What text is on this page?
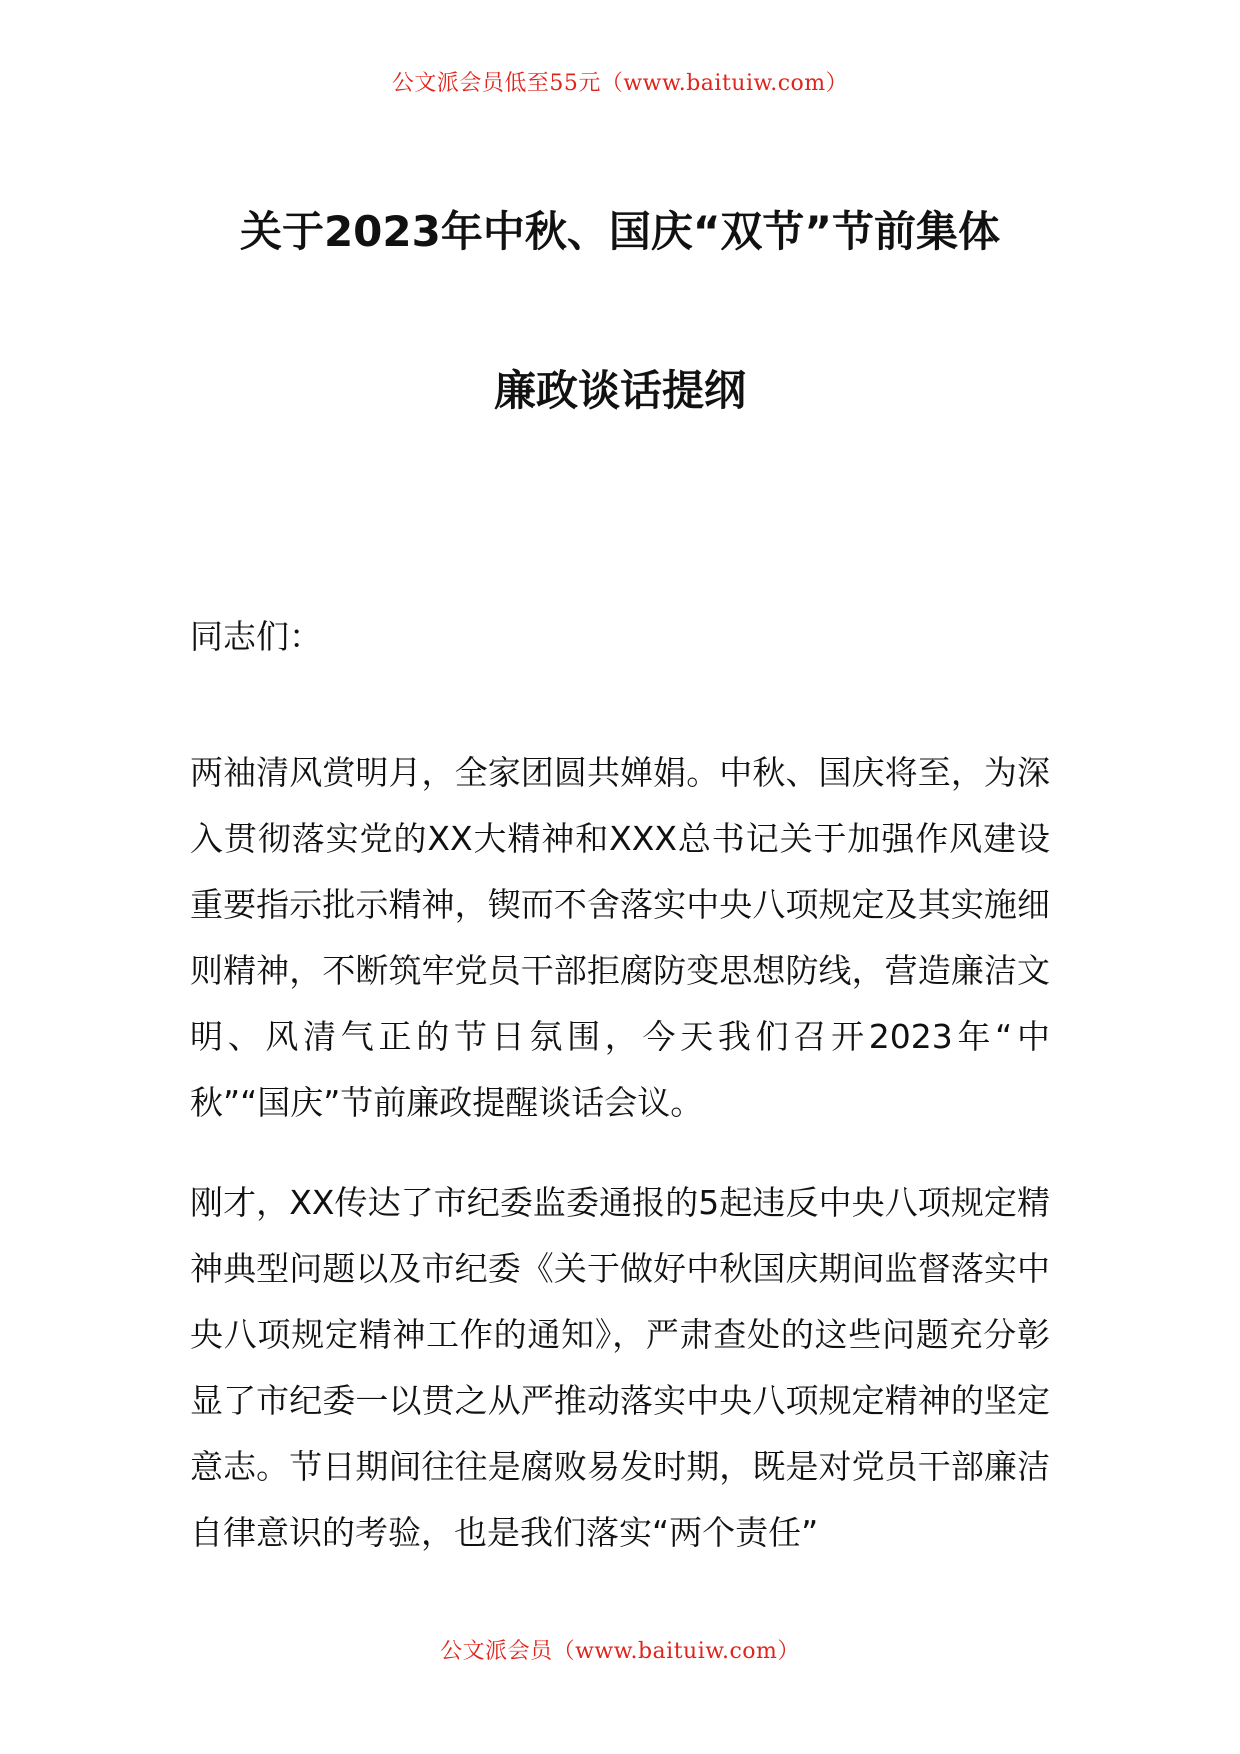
公文派会员低至55元（www.baituiw.com）
关于2023年中秋、国庆“双节”节前集体
廉政谈话提纲

同志们：

两袖清风赏明月，全家团圆共婵娟。中秋、国庆将至，为深入贯彻落实党的XX大精神和XXX总书记关于加强作风建设重要指示批示精神，锲而不舍落实中央八项规定及其实施细则精神，不断筑牢党员干部拒腐防变思想防线，营造廉洁文明、风清气正的节日氛围，今天我们召开2023年“中秋”“国庆”节前廉政提醒谈话会议。

刚才，XX传达了市纪委监委通报的5起违反中央八项规定精神典型问题以及市纪委《关于做好中秋国庆期间监督落实中央八项规定精神工作的通知》，严肃查处的这些问题充分彰显了市纪委一以贯之从严推动落实中央八项规定精神的坚定意志。节日期间往往是腐败易发时期，既是对党员干部廉洁自律意识的考验，也是我们落实“两个责任”

公文派会员（www.baituiw.com）
